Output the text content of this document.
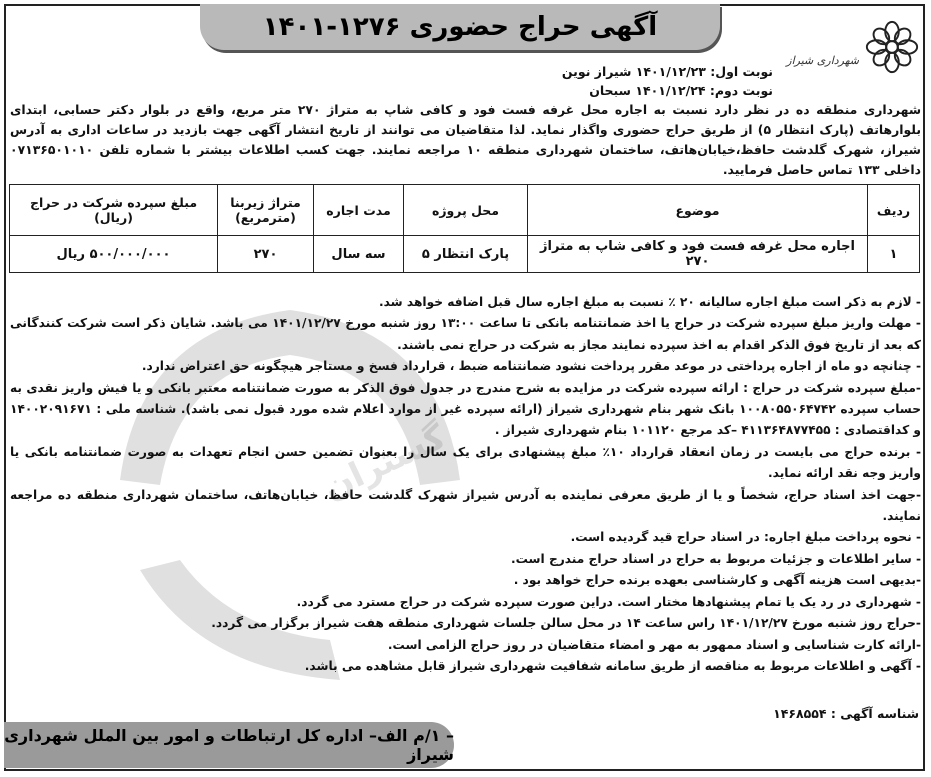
گستران
آگهی حراج حضوری ۱۲۷۶-۱۴۰۱
شهرداری شیراز
نوبت اول: ۱۴۰۱/۱۲/۲۳ شیراز نوین
نوبت دوم: ۱۴۰۱/۱۲/۲۴ سبحان
شهرداری منطقه ده در نظر دارد نسبت به اجاره محل غرفه فست فود و کافی شاپ به متراژ ۲۷۰ متر مربع، واقع در بلوار دکتر حسابی، ابتدای بلوارهاتف (پارک انتظار ۵) از طریق حراج حضوری واگذار نماید. لذا متقاضیان می توانند از تاریخ انتشار آگهی جهت بازدید در ساعات اداری به آدرس شیراز، شهرک گلدشت حافظ،خیابان‌هاتف، ساختمان شهرداری منطقه ۱۰ مراجعه نمایند. جهت کسب اطلاعات بیشتر با شماره تلفن ۰۷۱۳۶۵۰۱۰۱۰ داخلی ۱۳۳ تماس حاصل فرمایید.
ردیف	موضوع	محل پروژه	مدت اجاره	متراژ زیربنا (مترمربع)	مبلغ سپرده شرکت در حراج (ریال)
۱	اجاره محل غرفه فست فود و کافی شاپ به متراژ ۲۷۰	پارک انتظار ۵	سه سال	۲۷۰	۵۰۰/۰۰۰/۰۰۰ ریال

- لازم به ذکر است مبلغ اجاره سالیانه ۲۰ ٪ نسبت به مبلغ اجاره سال قبل اضافه خواهد شد.

- مهلت واریز مبلغ سپرده شرکت در حراج یا اخذ ضمانتنامه بانکی تا ساعت ۱۳:۰۰ روز شنبه مورخ ۱۴۰۱/۱۲/۲۷ می باشد. شایان ذکر است شرکت کنندگانی که بعد از تاریخ فوق الذکر اقدام به اخذ سپرده نمایند مجاز به شرکت در حراج نمی باشند.

- چنانچه دو ماه از اجاره پرداختی در موعد مقرر پرداخت نشود ضمانتنامه ضبط ، قرارداد فسخ و مستاجر هیچگونه حق اعتراض ندارد.

-مبلغ سپرده شرکت در حراج : ارائه سپرده شرکت در مزایده به شرح مندرج در جدول فوق الذکر به صورت ضمانتنامه معتبر بانکی و یا فیش واریز نقدی به حساب سپرده ۱۰۰۸۰۵۵۰۶۴۷۴۲ بانک شهر بنام شهرداری شیراز (ارائه سپرده غیر از موارد اعلام شده مورد قبول نمی باشد). شناسه ملی : ۱۴۰۰۲۰۹۱۶۷۱ و کداقتصادی : ۴۱۱۳۶۴۸۷۷۴۵۵ –کد مرجع ۱۰۱۱۲۰ بنام شهرداری شیراز .

- برنده حراج می بایست در زمان انعقاد قرارداد ۱۰٪ مبلغ پیشنهادی برای یک سال را بعنوان تضمین حسن انجام تعهدات به صورت ضمانتنامه بانکی یا واریز وجه نقد ارائه نماید.

-جهت اخذ اسناد حراج، شخصاً و یا از طریق معرفی نماینده به آدرس شیراز شهرک گلدشت حافظ، خیابان‌هاتف، ساختمان شهرداری منطقه ده مراجعه نمایند.

- نحوه پرداخت مبلغ اجاره: در اسناد حراج قید گردیده است.

- سایر اطلاعات و جزئیات مربوط به حراج در اسناد حراج مندرج است.

-بدیهی است هزینه آگهی و کارشناسی بعهده برنده حراج خواهد بود .

- شهرداری در رد یک یا تمام پیشنهادها مختار است. دراین صورت سپرده شرکت در حراج مسترد می گردد.

-حراج روز شنبه مورخ ۱۴۰۱/۱۲/۲۷ راس ساعت ۱۴ در محل سالن جلسات شهرداری منطقه هفت شیراز برگزار می گردد.

-ارائه کارت شناسایی و اسناد ممهور به مهر و امضاء متقاضیان در روز حراج الزامی است.

- آگهی و اطلاعات مربوط به مناقصه از طریق سامانه شفافیت شهرداری شیراز قابل مشاهده می باشد.

شناسه آگهی : ۱۴۶۸۵۵۴
– ۱/م الف– اداره کل ارتباطات و امور بین الملل شهرداری شیراز
